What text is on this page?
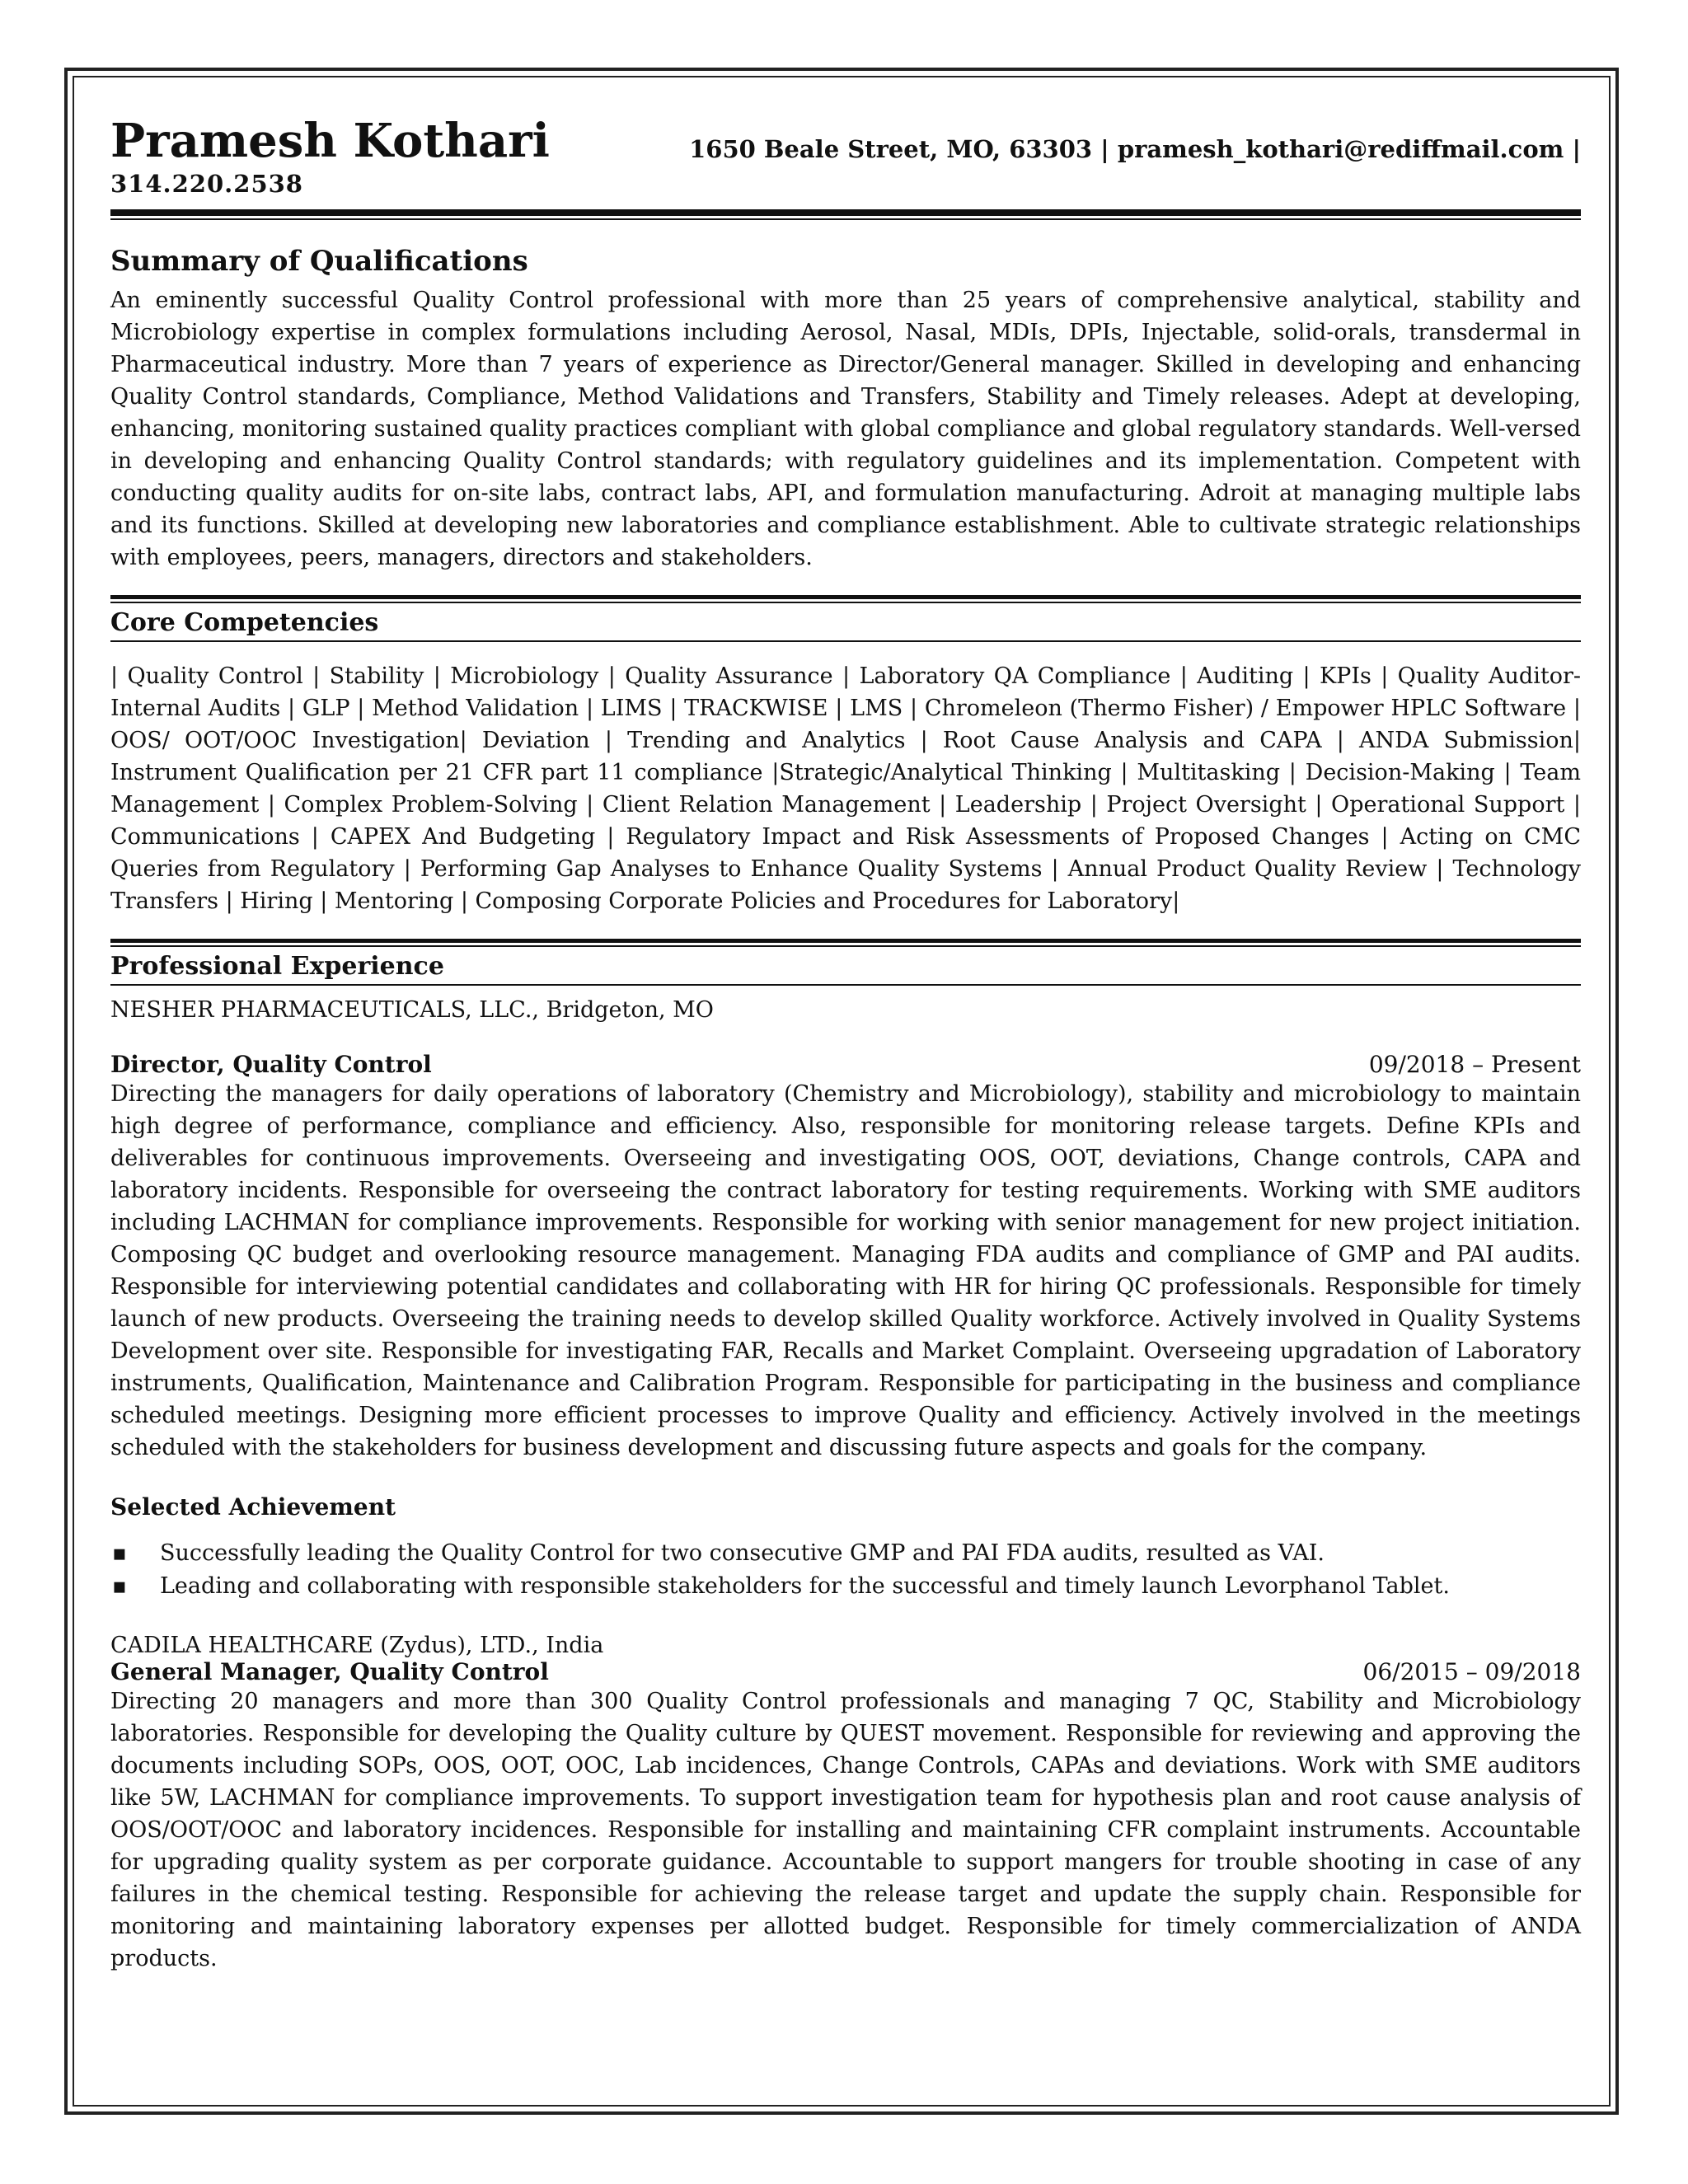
Pramesh Kothari	1650 Beale Street, MO, 63303 | pramesh_kothari@rediffmail.com |
314.220.2538
Summary of Qualifications

An eminently successful Quality Control professional with more than 25 years of comprehensive analytical, stability and Microbiology expertise in complex formulations including Aerosol, Nasal, MDIs, DPIs, Injectable, solid-orals, transdermal in Pharmaceutical industry. More than 7 years of experience as Director/General manager. Skilled in developing and enhancing Quality Control standards, Compliance, Method Validations and Transfers, Stability and Timely releases. Adept at developing, enhancing, monitoring sustained quality practices compliant with global compliance and global regulatory standards. Well-versed in developing and enhancing Quality Control standards; with regulatory guidelines and its implementation. Competent with conducting quality audits for on-site labs, contract labs, API, and formulation manufacturing. Adroit at managing multiple labs and its functions. Skilled at developing new laboratories and compliance establishment. Able to cultivate strategic relationships with employees, peers, managers, directors and stakeholders.

Core Competencies

| Quality Control | Stability | Microbiology | Quality Assurance | Laboratory QA Compliance | Auditing | KPIs | Quality Auditor-Internal Audits | GLP | Method Validation | LIMS | TRACKWISE | LMS | Chromeleon (Thermo Fisher) / Empower HPLC Software | OOS/ OOT/OOC Investigation| Deviation | Trending and Analytics | Root Cause Analysis and CAPA | ANDA Submission| Instrument Qualification per 21 CFR part 11 compliance |Strategic/Analytical Thinking | Multitasking | Decision-Making | Team Management | Complex Problem-Solving | Client Relation Management | Leadership | Project Oversight | Operational Support | Communications | CAPEX And Budgeting | Regulatory Impact and Risk Assessments of Proposed Changes | Acting on CMC Queries from Regulatory | Performing Gap Analyses to Enhance Quality Systems | Annual Product Quality Review | Technology Transfers | Hiring | Mentoring | Composing Corporate Policies and Procedures for Laboratory|

Professional Experience
NESHER PHARMACEUTICALS, LLC., Bridgeton, MO
Director, Quality Control	09/2018 – Present

Directing the managers for daily operations of laboratory (Chemistry and Microbiology), stability and microbiology to maintain high degree of performance, compliance and efficiency. Also, responsible for monitoring release targets. Define KPIs and deliverables for continuous improvements. Overseeing and investigating OOS, OOT, deviations, Change controls, CAPA and laboratory incidents. Responsible for overseeing the contract laboratory for testing requirements. Working with SME auditors including LACHMAN for compliance improvements. Responsible for working with senior management for new project initiation. Composing QC budget and overlooking resource management. Managing FDA audits and compliance of GMP and PAI audits. Responsible for interviewing potential candidates and collaborating with HR for hiring QC professionals. Responsible for timely launch of new products. Overseeing the training needs to develop skilled Quality workforce. Actively involved in Quality Systems Development over site. Responsible for investigating FAR, Recalls and Market Complaint. Overseeing upgradation of Laboratory instruments, Qualification, Maintenance and Calibration Program. Responsible for participating in the business and compliance scheduled meetings. Designing more efficient processes to improve Quality and efficiency. Actively involved in the meetings scheduled with the stakeholders for business development and discussing future aspects and goals for the company.

Selected Achievement
▪ Successfully leading the Quality Control for two consecutive GMP and PAI FDA audits, resulted as VAI.
▪ Leading and collaborating with responsible stakeholders for the successful and timely launch Levorphanol Tablet.
CADILA HEALTHCARE (Zydus), LTD., India
General Manager, Quality Control	06/2015 – 09/2018

Directing 20 managers and more than 300 Quality Control professionals and managing 7 QC, Stability and Microbiology laboratories. Responsible for developing the Quality culture by QUEST movement. Responsible for reviewing and approving the documents including SOPs, OOS, OOT, OOC, Lab incidences, Change Controls, CAPAs and deviations. Work with SME auditors like 5W, LACHMAN for compliance improvements. To support investigation team for hypothesis plan and root cause analysis of OOS/OOT/OOC and laboratory incidences. Responsible for installing and maintaining CFR complaint instruments. Accountable for upgrading quality system as per corporate guidance. Accountable to support mangers for trouble shooting in case of any failures in the chemical testing. Responsible for achieving the release target and update the supply chain. Responsible for monitoring and maintaining laboratory expenses per allotted budget. Responsible for timely commercialization of ANDA products.
